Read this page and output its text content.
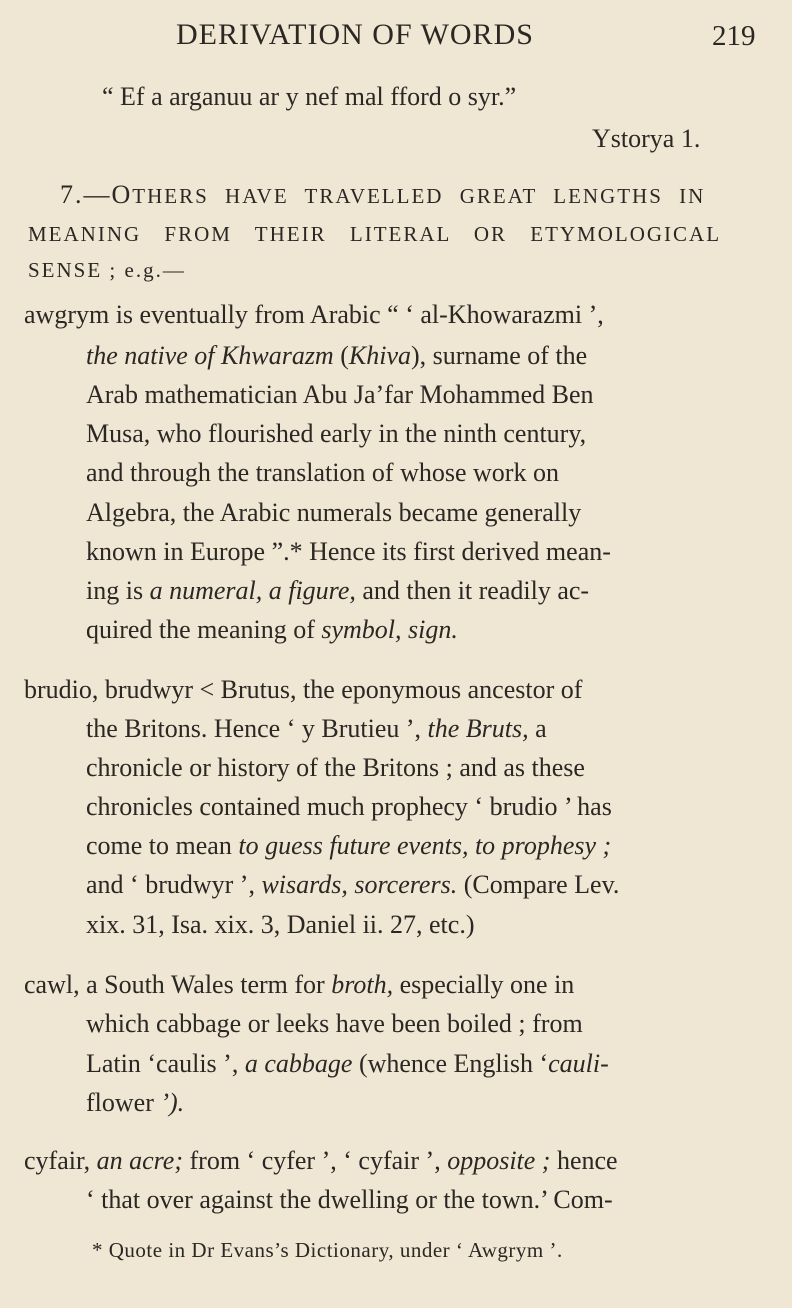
DERIVATION OF WORDS	219
“ Ef a arganuu ar y nef mal fford o syr.”
Ystorya 1.
7.—OTHERS HAVE TRAVELLED GREAT LENGTHS IN
MEANING FROM THEIR LITERAL OR ETYMOLOGICAL
SENSE ; e.g.—
awgrym is eventually from Arabic “ ‘ al-Khowarazmi ’,
the native of Khwarazm (Khiva), surname of the
Arab mathematician Abu Ja’far Mohammed Ben
Musa, who flourished early in the ninth century,
and through the translation of whose work on
Algebra, the Arabic numerals became generally
known in Europe ”.* Hence its first derived mean-
ing is a numeral, a figure, and then it readily ac-
quired the meaning of symbol, sign.
brudio, brudwyr < Brutus, the eponymous ancestor of
the Britons. Hence ‘ y Brutieu ’, the Bruts, a
chronicle or history of the Britons ; and as these
chronicles contained much prophecy ‘ brudio ’ has
come to mean to guess future events, to prophesy ;
and ‘ brudwyr ’, wisards, sorcerers. (Compare Lev.
xix. 31, Isa. xix. 3, Daniel ii. 27, etc.)
cawl, a South Wales term for broth, especially one in
which cabbage or leeks have been boiled ; from
Latin ‘caulis ’, a cabbage (whence English ‘cauli-
flower ’).
cyfair, an acre; from ‘ cyfer ’, ‘ cyfair ’, opposite ; hence
‘ that over against the dwelling or the town.’ Com-
* Quote in Dr Evans’s Dictionary, under ‘ Awgrym ’.
